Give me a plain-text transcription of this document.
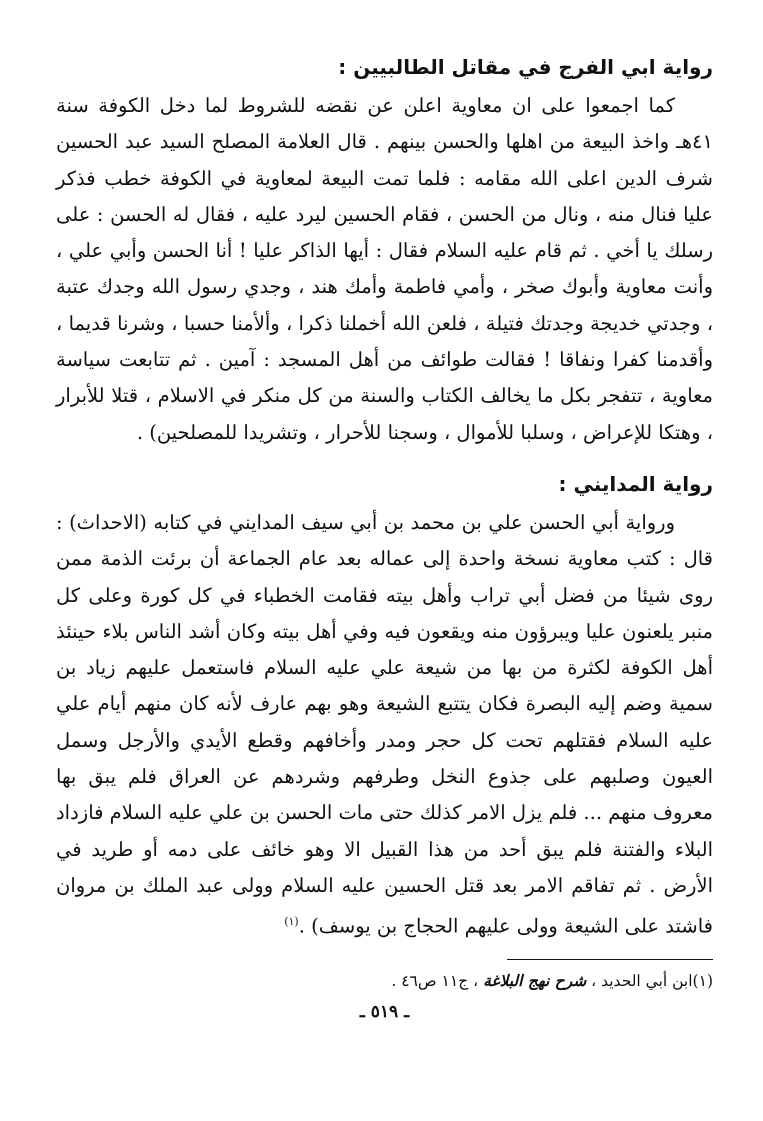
رواية ابي الفرج في مقاتل الطالبيين :

كما اجمعوا على ان معاوية اعلن عن نقضه للشروط لما دخل الكوفة سنة ٤١هـ واخذ البيعة من اهلها والحسن بينهم . قال العلامة المصلح السيد عبد الحسين شرف الدين اعلى الله مقامه : فلما تمت البيعة لمعاوية في الكوفة خطب فذكر عليا فنال منه ، ونال من الحسن ، فقام الحسين ليرد عليه ، فقال له الحسن : على رسلك يا أخي . ثم قام عليه السلام فقال : أيها الذاكر عليا ! أنا الحسن وأبي علي ، وأنت معاوية وأبوك صخر ، وأمي فاطمة وأمك هند ، وجدي رسول الله وجدك عتبة ، وجدتي خديجة وجدتك فتيلة ، فلعن الله أخملنا ذكرا ، وألأمنا حسبا ، وشرنا قديما ، وأقدمنا كفرا ونفاقا ! فقالت طوائف من أهل المسجد : آمين . ثم تتابعت سياسة معاوية ، تتفجر بكل ما يخالف الكتاب والسنة من كل منكر في الاسلام ، قتلا للأبرار ، وهتكا للإعراض ، وسلبا للأموال ، وسجنا للأحرار ، وتشريدا للمصلحين) .

رواية المدايني :

ورواية أبي الحسن علي بن محمد بن أبي سيف المدايني في كتابه (الاحداث) : قال : كتب معاوية نسخة واحدة إلى عماله بعد عام الجماعة أن برئت الذمة ممن روى شيئا من فضل أبي تراب وأهل بيته فقامت الخطباء في كل كورة وعلى كل منبر يلعنون عليا ويبرؤون منه ويقعون فيه وفي أهل بيته وكان أشد الناس بلاء حينئذ أهل الكوفة لكثرة من بها من شيعة علي عليه السلام فاستعمل عليهم زياد بن سمية وضم إليه البصرة فكان يتتبع الشيعة وهو بهم عارف لأنه كان منهم أيام علي عليه السلام فقتلهم تحت كل حجر ومدر وأخافهم وقطع الأيدي والأرجل وسمل العيون وصلبهم على جذوع النخل وطرفهم وشردهم عن العراق فلم يبق بها معروف منهم ... فلم يزل الامر كذلك حتى مات الحسن بن علي عليه السلام فازداد البلاء والفتنة فلم يبق أحد من هذا القبيل الا وهو خائف على دمه أو طريد في الأرض . ثم تفاقم الامر بعد قتل الحسين عليه السلام وولى عبد الملك بن مروان فاشتد على الشيعة وولى عليهم الحجاج بن يوسف) .$^{(١)}$

(١)ابن أبي الحديد ، شرح نهج البلاغة ، ج١١ ص٤٦ .

ـ ٥١٩ ـ
